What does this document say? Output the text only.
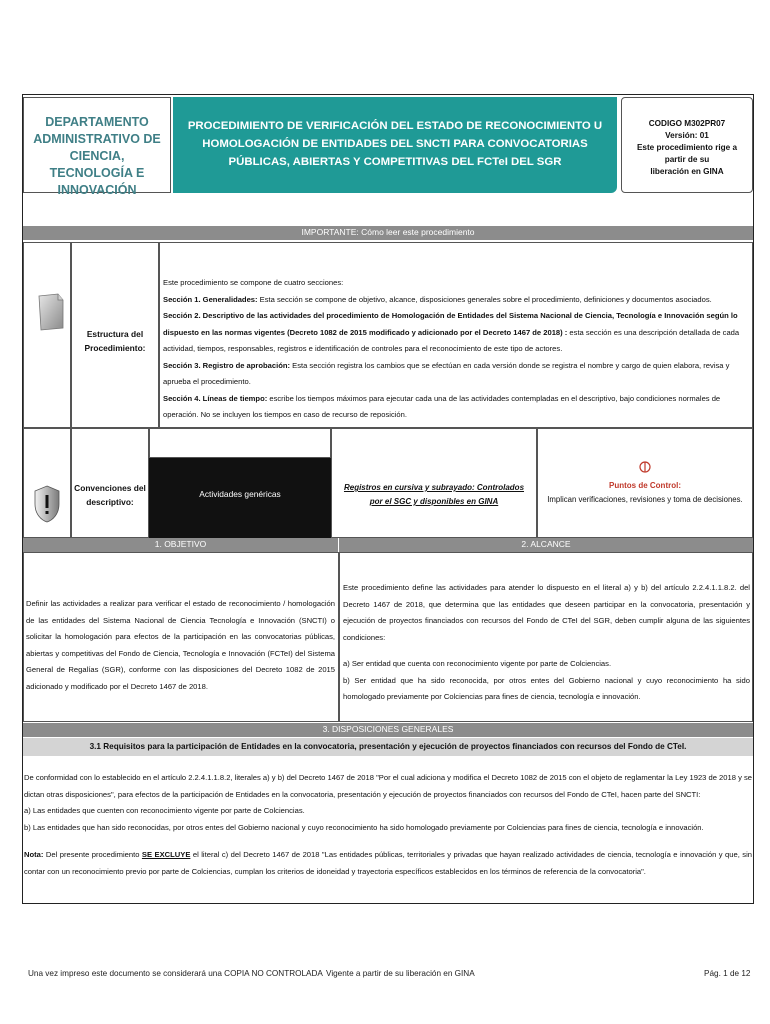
DEPARTAMENTO
ADMINISTRATIVO DE CIENCIA,
TECNOLOGÍA E INNOVACIÓN
PROCEDIMIENTO DE VERIFICACIÓN DEL ESTADO DE RECONOCIMIENTO U HOMOLOGACIÓN DE ENTIDADES DEL SNCTI PARA CONVOCATORIAS PÚBLICAS, ABIERTAS Y COMPETITIVAS DEL FCTeI DEL SGR
CODIGO M302PR07
Versión: 01
Este procedimiento rige a partir de su
liberación en GINA
IMPORTANTE: Cómo leer este procedimiento
Estructura del Procedimiento:
Este procedimiento se compone de cuatro secciones:
Sección 1. Generalidades: Esta sección se compone de objetivo, alcance, disposiciones generales sobre el procedimiento, definiciones y documentos asociados.
Sección 2. Descriptivo de las actividades del procedimiento de Homologación de Entidades del Sistema Nacional de Ciencia, Tecnología e Innovación según lo dispuesto en las normas vigentes (Decreto 1082 de 2015 modificado y adicionado por el Decreto 1467 de 2018) : esta sección es una descripción detallada de cada actividad, tiempos, responsables, registros e identificación de controles para el reconocimiento de este tipo de actores.
Sección 3. Registro de aprobación: Esta sección registra los cambios que se efectúan en cada versión donde se registra el nombre y cargo de quien elabora, revisa y aprueba el procedimiento.
Sección 4. Líneas de tiempo: escribe los tiempos máximos para ejecutar cada una de las actividades contempladas en el descriptivo, bajo condiciones normales de operación. No se incluyen los tiempos en caso de recurso de reposición.
Convenciones del descriptivo:
Actividades genéricas
Registros en cursiva y subrayado: Controlados por el SGC y disponibles en GINA
Puntos de Control:
Implican verificaciones, revisiones y toma de decisiones.
1. OBJETIVO	2. ALCANCE
Definir las actividades a realizar para verificar el estado de reconocimiento / homologación de las entidades del Sistema Nacional de Ciencia Tecnología e Innovación (SNCTI) o solicitar la homologación para efectos de la participación en las convocatorias públicas, abiertas y competitivas del Fondo de Ciencia, Tecnología e Innovación (FCTeI) del Sistema General de Regalías (SGR), conforme con las disposiciones del Decreto 1082 de 2015 adicionado y modificado por el Decreto 1467 de 2018.
Este procedimiento define las actividades para atender lo dispuesto en el literal a) y b) del artículo 2.2.4.1.1.8.2. del Decreto 1467 de 2018, que determina que las entidades que deseen participar en la convocatoria, presentación y ejecución de proyectos financiados con recursos del Fondo de CTeI del SGR, deben cumplir alguna de las siguientes condiciones:
a) Ser entidad que cuenta con reconocimiento vigente por parte de Colciencias.
b) Ser entidad que ha sido reconocida, por otros entes del Gobierno nacional y cuyo reconocimiento ha sido homologado previamente por Colciencias para fines de ciencia, tecnología e innovación.
3. DISPOSICIONES GENERALES
3.1 Requisitos para la participación de Entidades en la convocatoria, presentación y ejecución de proyectos financiados con recursos del Fondo de CTeI.
De conformidad con lo establecido en el artículo 2.2.4.1.1.8.2, literales a) y b) del Decreto 1467 de 2018 "Por el cual adiciona y modifica el Decreto 1082 de 2015 con el objeto de reglamentar la Ley 1923 de 2018 y se dictan otras disposiciones", para efectos de la participación de Entidades en la convocatoria, presentación y ejecución de proyectos financiados con recursos del Fondo de CTeI, hacen parte del SNCTI:
a) Las entidades que cuenten con reconocimiento vigente por parte de Colciencias.
b) Las entidades que han sido reconocidas, por otros entes del Gobierno nacional y cuyo reconocimiento ha sido homologado previamente por Colciencias para fines de ciencia, tecnología e innovación.
Nota: Del presente procedimiento SE EXCLUYE el literal c) del Decreto 1467 de 2018 "Las entidades públicas, territoriales y privadas que hayan realizado actividades de ciencia, tecnología e innovación y que, sin contar con un reconocimiento previo por parte de Colciencias, cumplan los criterios de idoneidad y trayectoria específicos establecidos en los términos de referencia de la convocatoria".
Una vez impreso este documento se considerará una COPIA NO CONTROLADA Vigente a partir de su liberación en GINA	Pág. 1 de 12
